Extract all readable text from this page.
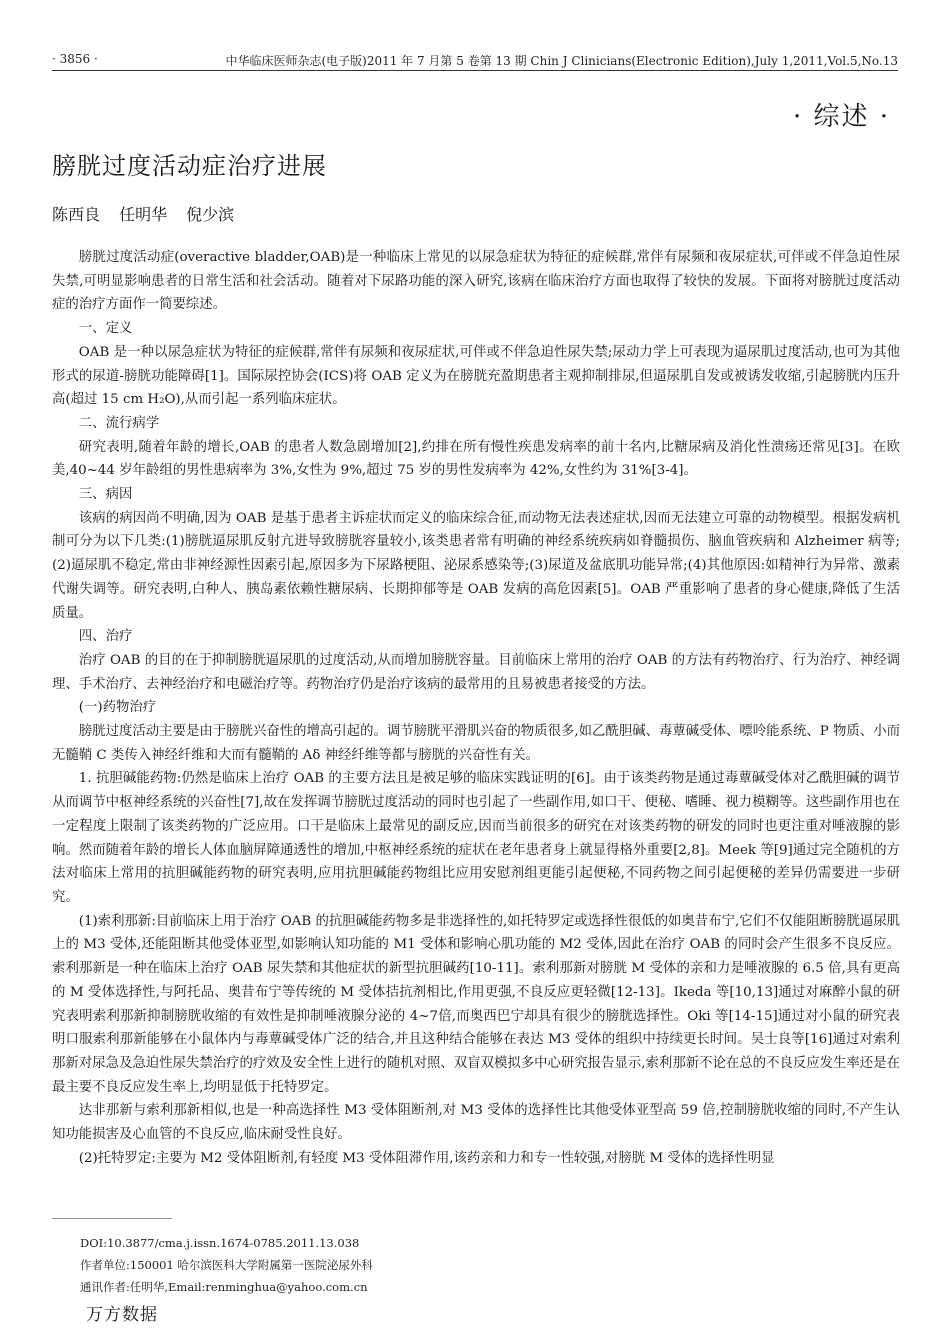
· 3856 ·	中华临床医师杂志(电子版)2011 年 7 月第 5 卷第 13 期 Chin J Clinicians(Electronic Edition),July 1,2011,Vol.5,No.13
· 综述 ·
膀胱过度活动症治疗进展
陈西良 任明华 倪少滨

膀胱过度活动症(overactive bladder,OAB)是一种临床上常见的以尿急症状为特征的症候群,常伴有尿频和夜尿症状,可伴或不伴急迫性尿失禁,可明显影响患者的日常生活和社会活动。随着对下尿路功能的深入研究,该病在临床治疗方面也取得了较快的发展。下面将对膀胱过度活动症的治疗方面作一简要综述。

一、定义

OAB 是一种以尿急症状为特征的症候群,常伴有尿频和夜尿症状,可伴或不伴急迫性尿失禁;尿动力学上可表现为逼尿肌过度活动,也可为其他形式的尿道-膀胱功能障碍[1]。国际尿控协会(ICS)将 OAB 定义为在膀胱充盈期患者主观抑制排尿,但逼尿肌自发或被诱发收缩,引起膀胱内压升高(超过 15 cm H₂O),从而引起一系列临床症状。

二、流行病学

研究表明,随着年龄的增长,OAB 的患者人数急剧增加[2],约排在所有慢性疾患发病率的前十名内,比糖尿病及消化性溃疡还常见[3]。在欧美,40~44 岁年龄组的男性患病率为 3%,女性为 9%,超过 75 岁的男性发病率为 42%,女性约为 31%[3-4]。

三、病因

该病的病因尚不明确,因为 OAB 是基于患者主诉症状而定义的临床综合征,而动物无法表述症状,因而无法建立可靠的动物模型。根据发病机制可分为以下几类:(1)膀胱逼尿肌反射亢进导致膀胱容量较小,该类患者常有明确的神经系统疾病如脊髓损伤、脑血管疾病和 Alzheimer 病等;(2)逼尿肌不稳定,常由非神经源性因素引起,原因多为下尿路梗阻、泌尿系感染等;(3)尿道及盆底肌功能异常;(4)其他原因:如精神行为异常、激素代谢失调等。研究表明,白种人、胰岛素依赖性糖尿病、长期抑郁等是 OAB 发病的高危因素[5]。OAB 严重影响了患者的身心健康,降低了生活质量。

四、治疗

治疗 OAB 的目的在于抑制膀胱逼尿肌的过度活动,从而增加膀胱容量。目前临床上常用的治疗 OAB 的方法有药物治疗、行为治疗、神经调理、手术治疗、去神经治疗和电磁治疗等。药物治疗仍是治疗该病的最常用的且易被患者接受的方法。

(一)药物治疗

膀胱过度活动主要是由于膀胱兴奋性的增高引起的。调节膀胱平滑肌兴奋的物质很多,如乙酰胆碱、毒蕈碱受体、嘌呤能系统、P 物质、小而无髓鞘 C 类传入神经纤维和大而有髓鞘的 Aδ 神经纤维等都与膀胱的兴奋性有关。

1. 抗胆碱能药物:仍然是临床上治疗 OAB 的主要方法且是被足够的临床实践证明的[6]。由于该类药物是通过毒蕈碱受体对乙酰胆碱的调节从而调节中枢神经系统的兴奋性[7],故在发挥调节膀胱过度活动的同时也引起了一些副作用,如口干、便秘、嗜睡、视力模糊等。这些副作用也在一定程度上限制了该类药物的广泛应用。口干是临床上最常见的副反应,因而当前很多的研究在对该类药物的研发的同时也更注重对唾液腺的影响。然而随着年龄的增长人体血脑屏障通透性的增加,中枢神经系统的症状在老年患者身上就显得格外重要[2,8]。Meek 等[9]通过完全随机的方法对临床上常用的抗胆碱能药物的研究表明,应用抗胆碱能药物组比应用安慰剂组更能引起便秘,不同药物之间引起便秘的差异仍需要进一步研究。

(1)索利那新:目前临床上用于治疗 OAB 的抗胆碱能药物多是非选择性的,如托特罗定或选择性很低的如奥昔布宁,它们不仅能阻断膀胱逼尿肌上的 M3 受体,还能阻断其他受体亚型,如影响认知功能的 M1 受体和影响心肌功能的 M2 受体,因此在治疗 OAB 的同时会产生很多不良反应。索利那新是一种在临床上治疗 OAB 尿失禁和其他症状的新型抗胆碱药[10-11]。索利那新对膀胱 M 受体的亲和力是唾液腺的 6.5 倍,具有更高的 M 受体选择性,与阿托品、奥昔布宁等传统的 M 受体拮抗剂相比,作用更强,不良反应更轻微[12-13]。Ikeda 等[10,13]通过对麻醉小鼠的研究表明索利那新抑制膀胱收缩的有效性是抑制唾液腺分泌的 4~7倍,而奥西巴宁却具有很少的膀胱选择性。Oki 等[14-15]通过对小鼠的研究表明口服索利那新能够在小鼠体内与毒蕈碱受体广泛的结合,并且这种结合能够在表达 M3 受体的组织中持续更长时间。吴士良等[16]通过对索利那新对尿急及急迫性尿失禁治疗的疗效及安全性上进行的随机对照、双盲双模拟多中心研究报告显示,索利那新不论在总的不良反应发生率还是在最主要不良反应发生率上,均明显低于托特罗定。

达非那新与索利那新相似,也是一种高选择性 M3 受体阻断剂,对 M3 受体的选择性比其他受体亚型高 59 倍,控制膀胱收缩的同时,不产生认知功能损害及心血管的不良反应,临床耐受性良好。

(2)托特罗定:主要为 M2 受体阻断剂,有轻度 M3 受体阻滞作用,该药亲和力和专一性较强,对膀胱 M 受体的选择性明显

DOI:10.3877/cma.j.issn.1674-0785.2011.13.038
作者单位:150001 哈尔滨医科大学附属第一医院泌尿外科
通讯作者:任明华,Email:renminghua@yahoo.com.cn
万方数据
